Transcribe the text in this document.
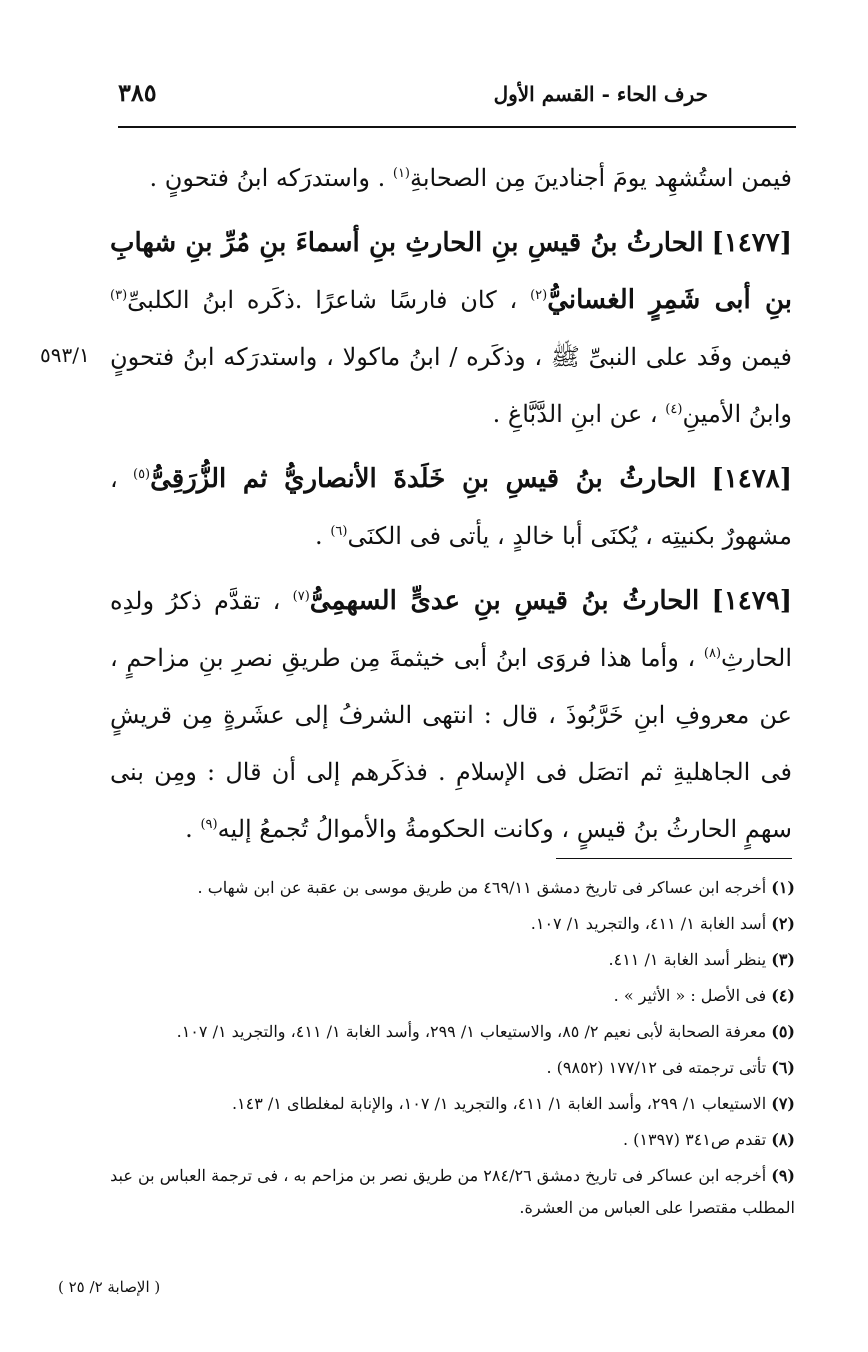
٣٨٥	حرف الحاء - القسم الأول
٥٩٣/١

فيمن استُشهِد يومَ أجنادينَ مِن الصحابةِ$^{(١)}$ . واستدرَكه ابنُ فتحونٍ .

[١٤٧٧] الحارثُ بنُ قيسِ بنِ الحارثِ بنِ أسماءَ بنِ مُرِّ بنِ شهابِ بنِ أبى شَمِرٍ الغسانيُّ$^{(٢)}$ ، كان فارسًا شاعرًا .ذكَره ابنُ الكلبىِّ$^{(٣)}$ فيمن وفَد على النبىِّ ﷺ ، وذكَره / ابنُ ماكولا ، واستدرَكه ابنُ فتحونٍ وابنُ الأمينِ$^{(٤)}$ ، عن ابنِ الدَّبَّاغِ .

[١٤٧٨] الحارثُ بنُ قيسِ بنِ خَلَدةَ الأنصاريُّ ثم الزُّرَقِىُّ$^{(٥)}$ ، مشهورٌ بكنيتِه ، يُكنَى أبا خالدٍ ، يأتى فى الكنَى$^{(٦)}$ .

[١٤٧٩] الحارثُ بنُ قيسِ بنِ عدىٍّ السهمِىُّ$^{(٧)}$ ، تقدَّم ذكرُ ولدِه الحارثِ$^{(٨)}$ ، وأما هذا فروَى ابنُ أبى خيثمةَ مِن طريقِ نصرِ بنِ مزاحمٍ ، عن معروفِ ابنِ خَرَّبُوذَ ، قال : انتهى الشرفُ إلى عشَرةٍ مِن قريشٍ فى الجاهليةِ ثم اتصَل فى الإسلامِ . فذكَرهم إلى أن قال : ومِن بنى سهمٍ الحارثُ بنُ قيسٍ ، وكانت الحكومةُ والأموالُ تُجمعُ إليه$^{(٩)}$ .

(١) أخرجه ابن عساكر فى تاريخ دمشق ٤٦٩/١١ من طريق موسى بن عقبة عن ابن شهاب .

(٢) أسد الغابة ١/ ٤١١، والتجريد ١/ ١٠٧.

(٣) ينظر أسد الغابة ١/ ٤١١.

(٤) فى الأصل : « الأثير » .

(٥) معرفة الصحابة لأبى نعيم ٢/ ٨٥، والاستيعاب ١/ ٢٩٩، وأسد الغابة ١/ ٤١١، والتجريد ١/ ١٠٧.

(٦) تأتى ترجمته فى ١٧٧/١٢ (٩٨٥٢) .

(٧) الاستيعاب ١/ ٢٩٩، وأسد الغابة ١/ ٤١١، والتجريد ١/ ١٠٧، والإنابة لمغلطاى ١/ ١٤٣.

(٨) تقدم ص٣٤١ (١٣٩٧) .

(٩) أخرجه ابن عساكر فى تاريخ دمشق ٢٨٤/٢٦ من طريق نصر بن مزاحم به ، فى ترجمة العباس بن عبد المطلب مقتصرا على العباس من العشرة.

( الإصابة ٢/ ٢٥ )
